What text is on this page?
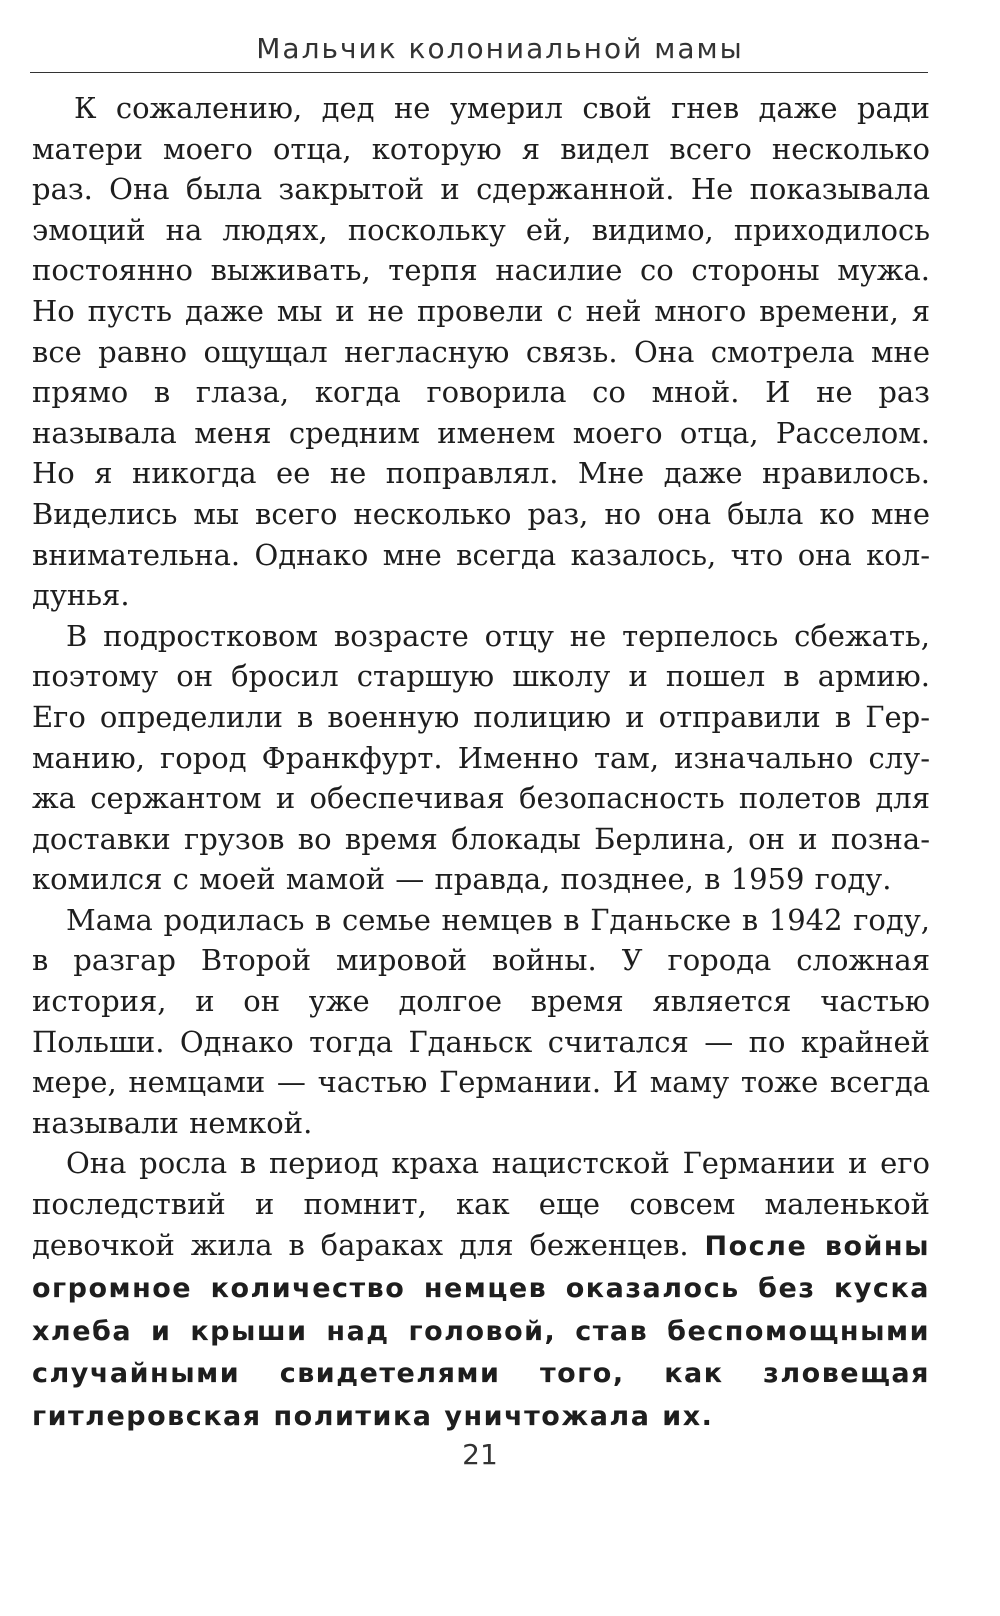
Мальчик колониальной мамы

К сожалению, дед не умерил свой гнев даже ради матери моего отца, которую я видел всего несколько раз. Она была закрытой и сдержанной. Не показывала эмоций на людях, поскольку ей, видимо, приходилось постоянно выживать, терпя насилие со стороны мужа. Но пусть даже мы и не провели с ней много времени, я все равно ощущал негласную связь. Она смотрела мне прямо в глаза, когда говорила со мной. И не раз называла меня средним именем моего отца, Расселом. Но я никогда ее не поправлял. Мне даже нравилось. Виделись мы всего несколько раз, но она была ко мне внимательна. Однако мне всегда казалось, что она колдунья.

В подростковом возрасте отцу не терпелось сбежать, поэтому он бросил старшую школу и пошел в армию. Его определили в военную полицию и отправили в Германию, город Франкфурт. Именно там, изначально служа сержантом и обеспечивая безопасность полетов для доставки грузов во время блокады Берлина, он и познакомился с моей мамой — правда, позднее, в 1959 году.

Мама родилась в семье немцев в Гданьске в 1942 году, в разгар Второй мировой войны. У города сложная история, и он уже долгое время является частью Польши. Однако тогда Гданьск считался — по крайней мере, немцами — частью Германии. И маму тоже всегда называли немкой.

Она росла в период краха нацистской Германии и его последствий и помнит, как еще совсем маленькой девочкой жила в бараках для беженцев. После войны огромное количество немцев оказалось без куска хлеба и крыши над головой, став беспомощными случайными свидетелями того, как зловещая гитлеровская политика уничтожала их.

21
